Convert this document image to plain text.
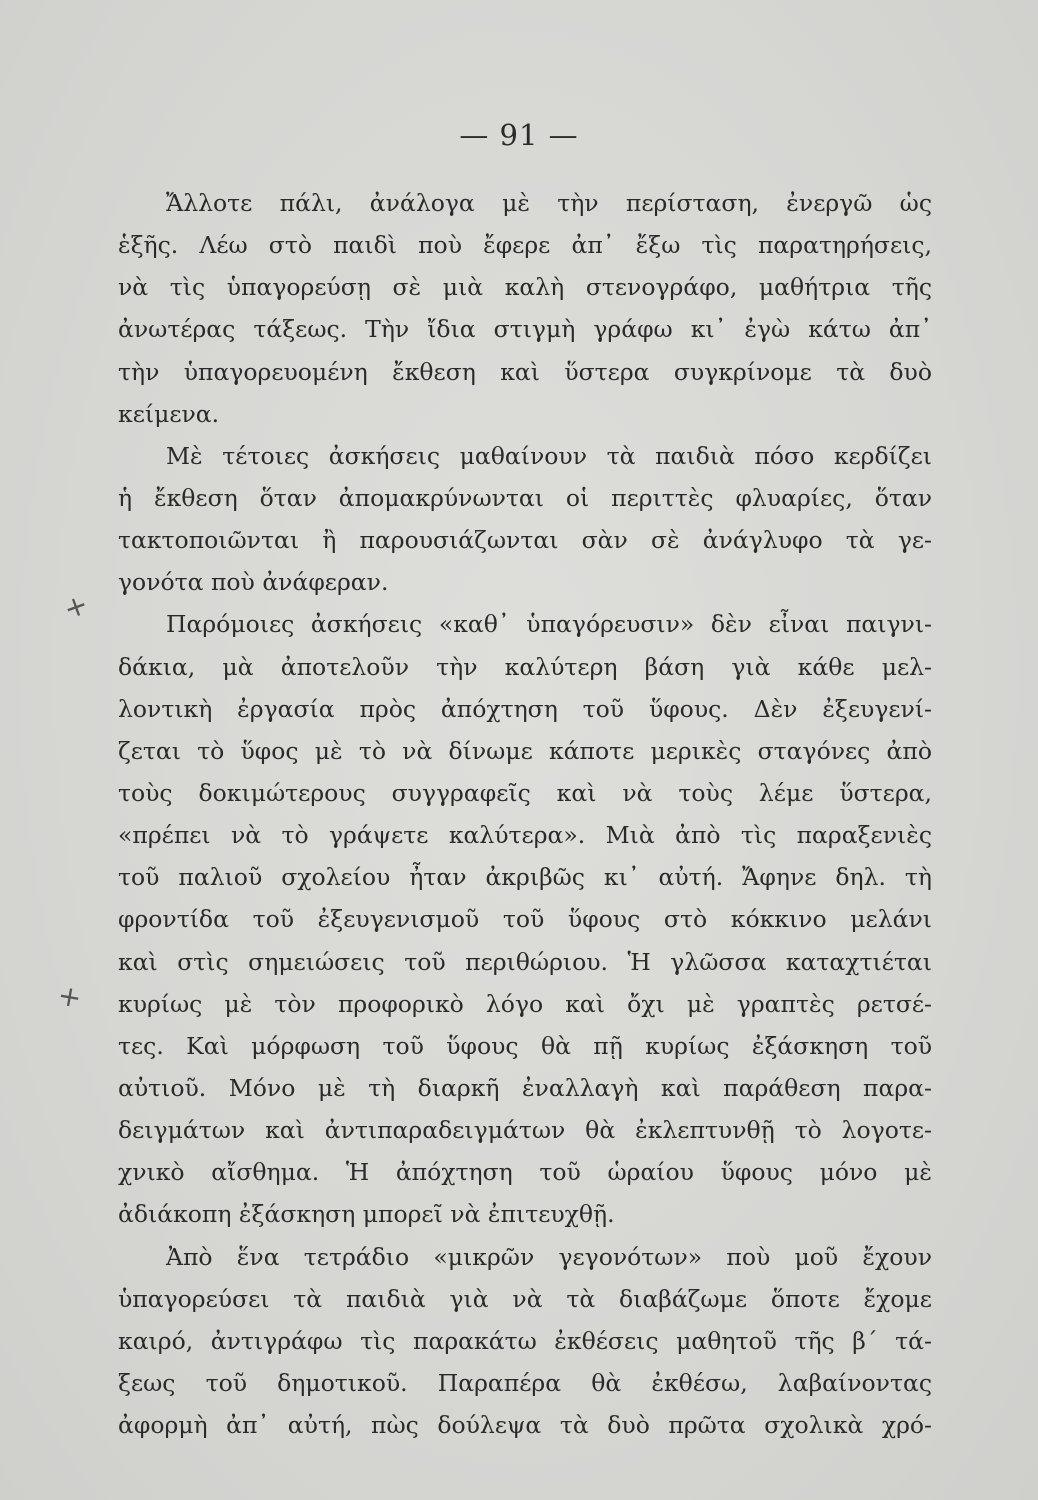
— 91 —
+
+
Ἄλλοτε πάλι, ἀνάλογα μὲ τὴν περίσταση, ἐνεργῶ ὡς
ἑξῆς. Λέω στὸ παιδὶ ποὺ ἔφερε ἀπ᾽ ἔξω τὶς παρατηρήσεις,
νὰ τὶς ὑπαγορεύσῃ σὲ μιὰ καλὴ στενογράφο, μαθήτρια τῆς
ἀνωτέρας τάξεως. Τὴν ἴδια στιγμὴ γράφω κι᾽ ἐγὼ κάτω ἀπ᾽
τὴν ὑπαγορευομένη ἔκθεση καὶ ὕστερα συγκρίνομε τὰ δυὸ
κείμενα.
Μὲ τέτοιες ἀσκήσεις μαθαίνουν τὰ παιδιὰ πόσο κερδίζει
ἡ ἔκθεση ὅταν ἀπομακρύνωνται οἱ περιττὲς φλυαρίες, ὅταν
τακτοποιῶνται ἢ παρουσιάζωνται σὰν σὲ ἀνάγλυφο τὰ γε-
γονότα ποὺ ἀνάφεραν.
Παρόμοιες ἀσκήσεις «καθ᾽ ὑπαγόρευσιν» δὲν εἶναι παιγνι-
δάκια, μὰ ἀποτελοῦν τὴν καλύτερη βάση γιὰ κάθε μελ-
λοντικὴ ἐργασία πρὸς ἀπόχτηση τοῦ ὕφους. Δὲν ἐξευγενί-
ζεται τὸ ὕφος μὲ τὸ νὰ δίνωμε κάποτε μερικὲς σταγόνες ἀπὸ
τοὺς δοκιμώτερους συγγραφεῖς καὶ νὰ τοὺς λέμε ὕστερα,
«πρέπει νὰ τὸ γράψετε καλύτερα». Μιὰ ἀπὸ τὶς παραξενιὲς
τοῦ παλιοῦ σχολείου ἦταν ἀκριβῶς κι᾽ αὐτή. Ἄφηνε δηλ. τὴ
φροντίδα τοῦ ἐξευγενισμοῦ τοῦ ὕφους στὸ κόκκινο μελάνι
καὶ στὶς σημειώσεις τοῦ περιθώριου. Ἡ γλῶσσα καταχτιέται
κυρίως μὲ τὸν προφορικὸ λόγο καὶ ὄχι μὲ γραπτὲς ρετσέ-
τες. Καὶ μόρφωση τοῦ ὕφους θὰ πῇ κυρίως ἐξάσκηση τοῦ
αὐτιοῦ. Μόνο μὲ τὴ διαρκῆ ἐναλλαγὴ καὶ παράθεση παρα-
δειγμάτων καὶ ἀντιπαραδειγμάτων θὰ ἐκλεπτυνθῇ τὸ λογοτε-
χνικὸ αἴσθημα. Ἡ ἀπόχτηση τοῦ ὡραίου ὕφους μόνο μὲ
ἀδιάκοπη ἐξάσκηση μπορεῖ νὰ ἐπιτευχθῇ.
Ἀπὸ ἕνα τετράδιο «μικρῶν γεγονότων» ποὺ μοῦ ἔχουν
ὑπαγορεύσει τὰ παιδιὰ γιὰ νὰ τὰ διαβάζωμε ὅποτε ἔχομε
καιρό, ἀντιγράφω τὶς παρακάτω ἐκθέσεις μαθητοῦ τῆς β´ τά-
ξεως τοῦ δημοτικοῦ. Παραπέρα θὰ ἐκθέσω, λαβαίνοντας
ἀφορμὴ ἀπ᾽ αὐτή, πὼς δούλεψα τὰ δυὸ πρῶτα σχολικὰ χρό-
